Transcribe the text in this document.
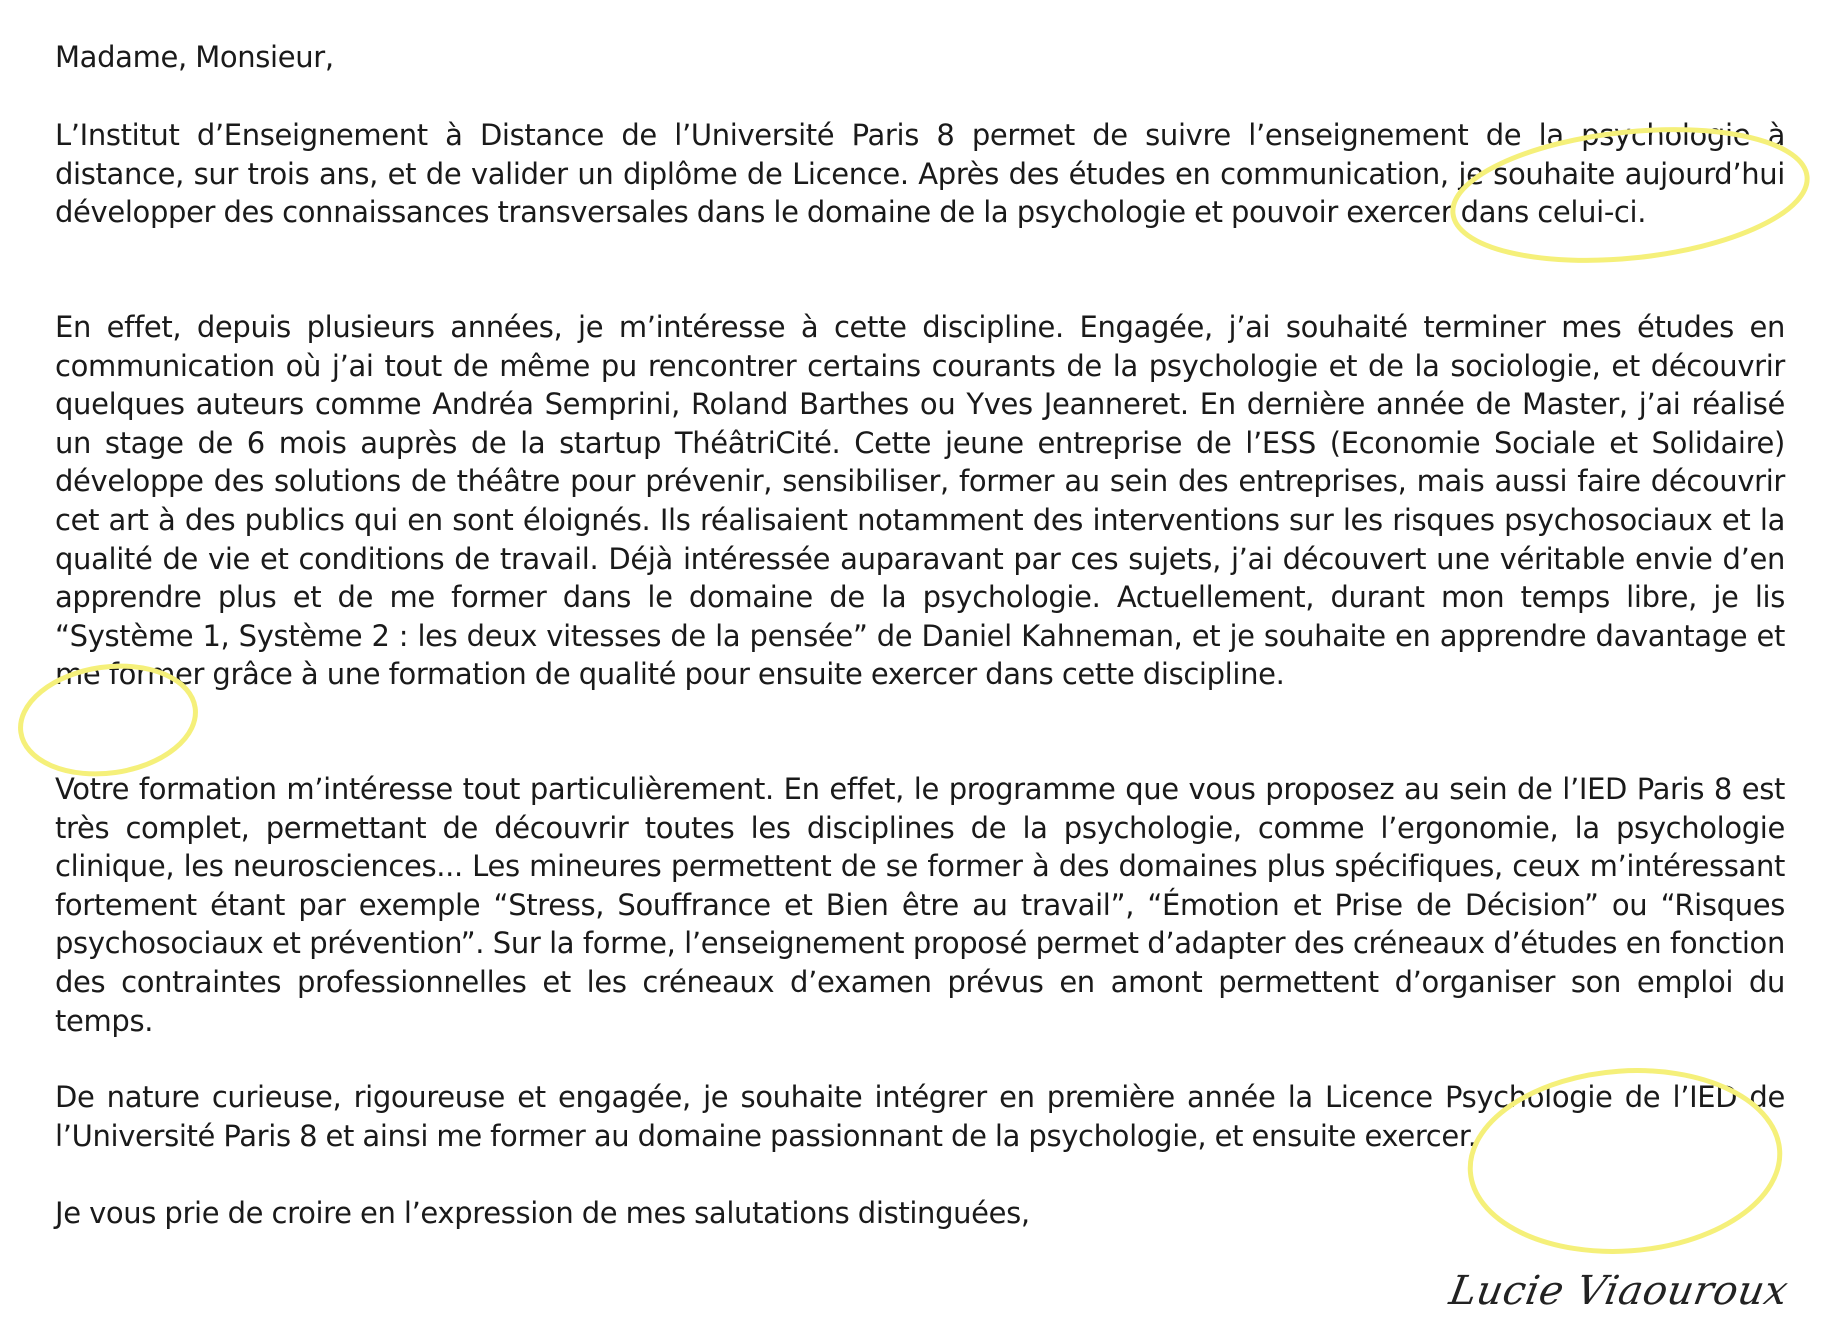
Madame, Monsieur,

L’Institut d’Enseignement à Distance de l’Université Paris 8 permet de suivre l’enseignement de la psychologie à distance, sur trois ans, et de valider un diplôme de Licence. Après des études en communication, je souhaite aujourd’hui développer des connaissances transversales dans le domaine de la psychologie et pouvoir exercer dans celui-ci.

En effet, depuis plusieurs années, je m’intéresse à cette discipline. Engagée, j’ai souhaité terminer mes études en communication où j’ai tout de même pu rencontrer certains courants de la psychologie et de la sociologie, et découvrir quelques auteurs comme Andréa Semprini, Roland Barthes ou Yves Jeanneret. En dernière année de Master, j’ai réalisé un stage de 6 mois auprès de la startup ThéâtriCité. Cette jeune entreprise de l’ESS (Economie Sociale et Solidaire) développe des solutions de théâtre pour prévenir, sensibiliser, former au sein des entreprises, mais aussi faire découvrir cet art à des publics qui en sont éloignés. Ils réalisaient notamment des interventions sur les risques psychosociaux et la qualité de vie et conditions de travail. Déjà intéressée auparavant par ces sujets, j’ai découvert une véritable envie d’en apprendre plus et de me former dans le domaine de la psychologie. Actuellement, durant mon temps libre, je lis “Système 1, Système 2 : les deux vitesses de la pensée” de Daniel Kahneman, et je souhaite en apprendre davantage et me former grâce à une formation de qualité pour ensuite exercer dans cette discipline.

Votre formation m’intéresse tout particulièrement. En effet, le programme que vous proposez au sein de l’IED Paris 8 est très complet, permettant de découvrir toutes les disciplines de la psychologie, comme l’ergonomie, la psychologie clinique, les neurosciences... Les mineures permettent de se former à des domaines plus spécifiques, ceux m’intéressant fortement étant par exemple “Stress, Souffrance et Bien être au travail”, “Émotion et Prise de Décision” ou “Risques psychosociaux et prévention”. Sur la forme, l’enseignement proposé permet d’adapter des créneaux d’études en fonction des contraintes professionnelles et les créneaux d’examen prévus en amont permettent d’organiser son emploi du temps.

De nature curieuse, rigoureuse et engagée, je souhaite intégrer en première année la Licence Psychologie de l’IED de l’Université Paris 8 et ainsi me former au domaine passionnant de la psychologie, et ensuite exercer.

Je vous prie de croire en l’expression de mes salutations distinguées,

Lucie Viaouroux
